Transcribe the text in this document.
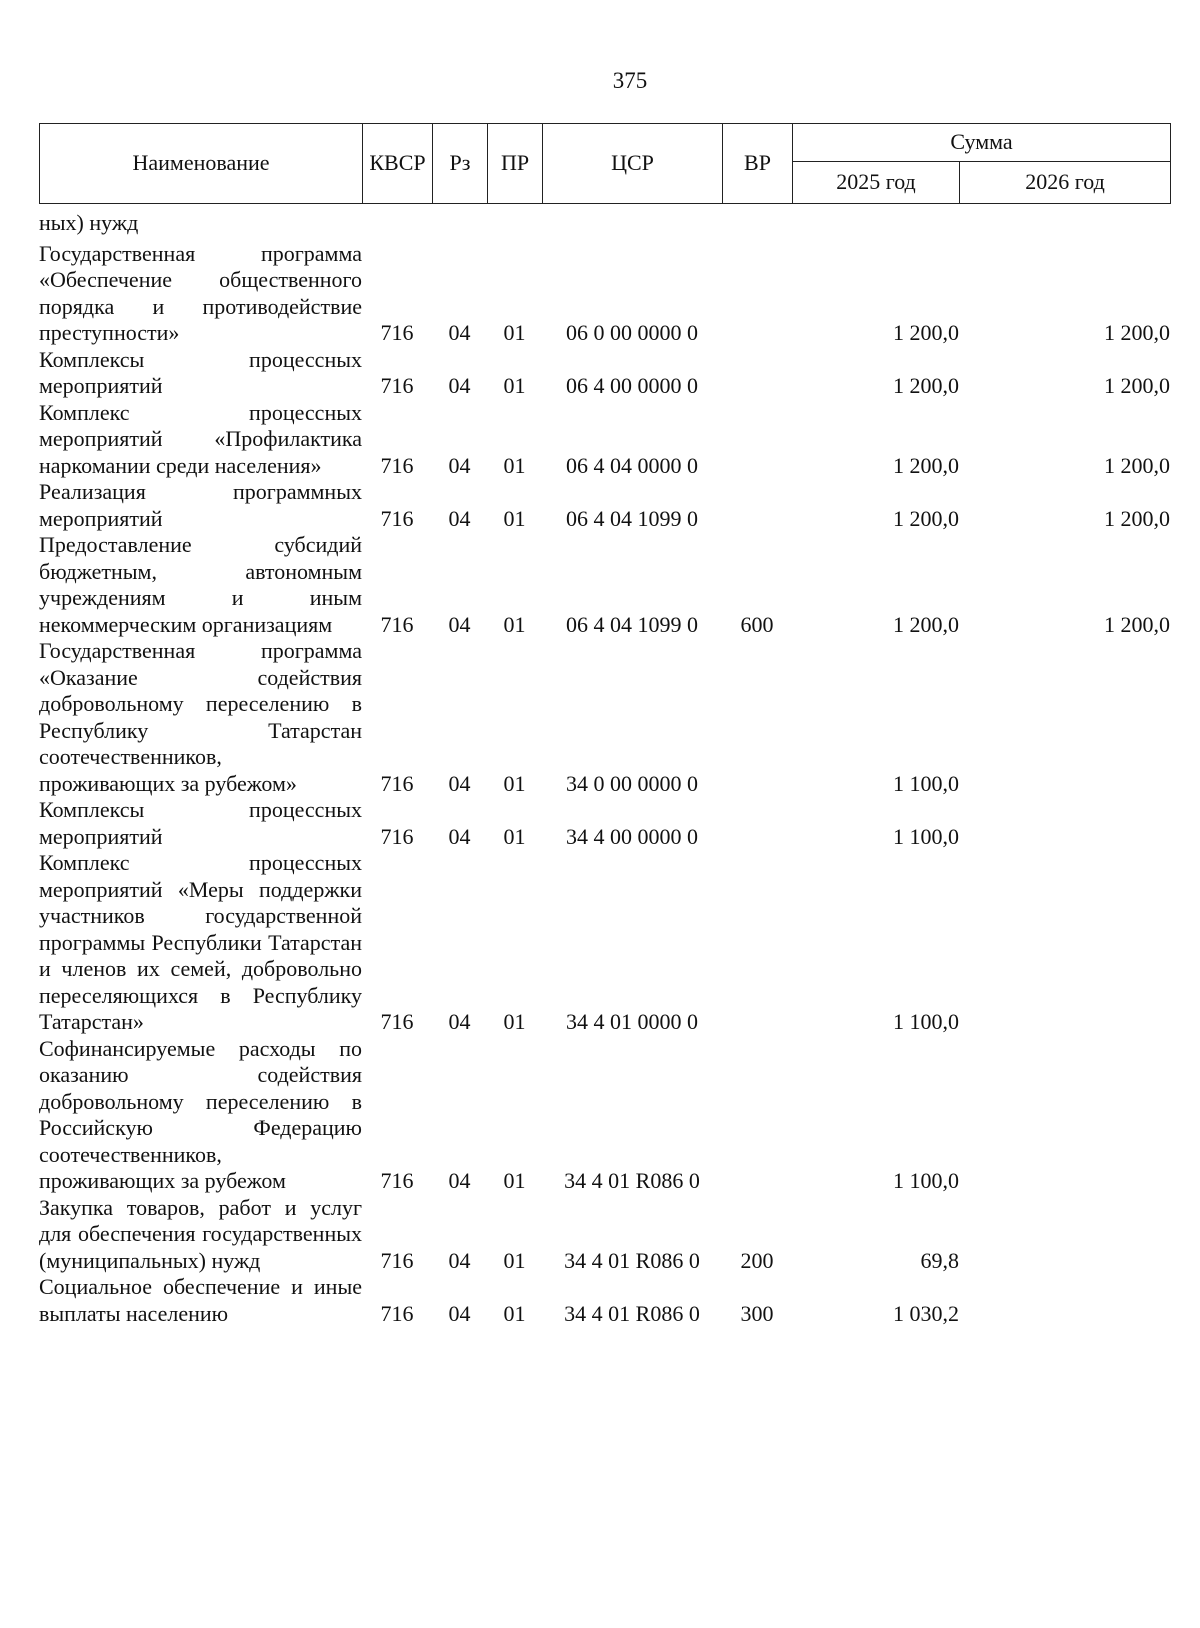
375
Наименование	КВСР	Рз	ПР	ЦСР	ВР	Сумма	
						2025 год	2026 год
ных) нужд							
Государственная программа «Обеспечение общественного порядка и противодействие преступности»	716	04	01	06 0 00 0000 0		1 200,0	1 200,0
Комплексы процессных мероприятий	716	04	01	06 4 00 0000 0		1 200,0	1 200,0
Комплекс процессных мероприятий «Профилактика наркомании среди населения»	716	04	01	06 4 04 0000 0		1 200,0	1 200,0
Реализация программных мероприятий	716	04	01	06 4 04 1099 0		1 200,0	1 200,0
Предоставление субсидий бюджетным, автономным учреждениям и иным некоммерческим организациям	716	04	01	06 4 04 1099 0	600	1 200,0	1 200,0
Государственная программа «Оказание содействия добровольному переселению в Республику Татарстан соотечественников, проживающих за рубежом»	716	04	01	34 0 00 0000 0		1 100,0	
Комплексы процессных мероприятий	716	04	01	34 4 00 0000 0		1 100,0	
Комплекс процессных мероприятий «Меры поддержки участников государственной программы Республики Татарстан и членов их семей, добровольно переселяющихся в Республику Татарстан»	716	04	01	34 4 01 0000 0		1 100,0	
Софинансируемые расходы по оказанию содействия добровольному переселению в Российскую Федерацию соотечественников, проживающих за рубежом	716	04	01	34 4 01 R086 0		1 100,0	
Закупка товаров, работ и услуг для обеспечения государственных (муниципальных) нужд	716	04	01	34 4 01 R086 0	200	69,8	
Социальное обеспечение и иные выплаты населению	716	04	01	34 4 01 R086 0	300	1 030,2	
